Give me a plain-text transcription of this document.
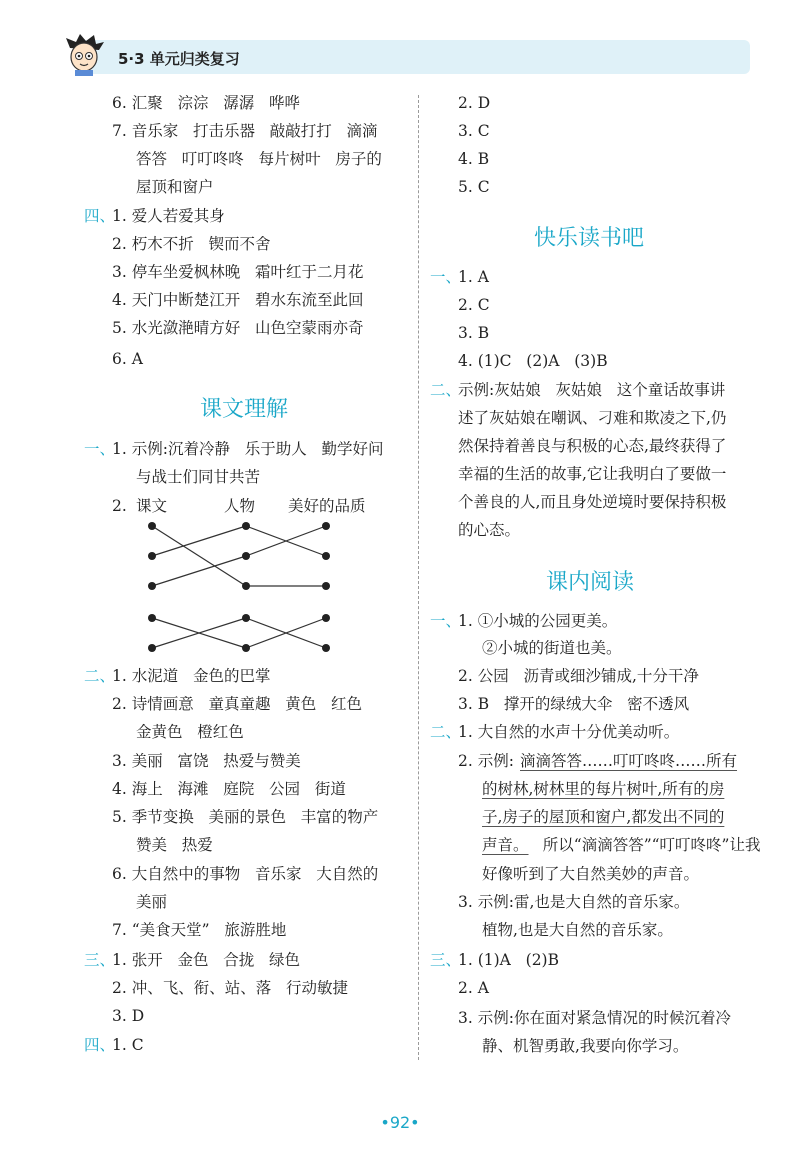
5·3 单元归类复习
6. 汇聚   淙淙   潺潺   哗哗
7. 音乐家   打击乐器   敲敲打打   滴滴
答答   叮叮咚咚   每片树叶   房子的
屋顶和窗户
四、
1. 爱人若爱其身
2. 朽木不折   锲而不舍
3. 停车坐爱枫林晚   霜叶红于二月花
4. 天门中断楚江开   碧水东流至此回
5. 水光潋滟晴方好   山色空蒙雨亦奇
6. A
课文理解
一、
1. 示例:沉着冷静   乐于助人   勤学好问
与战士们同甘共苦
2. 课文	人物 美好的品质
二、
1. 水泥道   金色的巴掌
2. 诗情画意   童真童趣   黄色   红色
金黄色   橙红色
3. 美丽   富饶   热爱与赞美
4. 海上   海滩   庭院   公园   街道
5. 季节变换   美丽的景色   丰富的物产
赞美   热爱
6. 大自然中的事物   音乐家   大自然的
美丽
7. “美食天堂”   旅游胜地
三、
1. 张开   金色   合拢   绿色
2. 冲、飞、衔、站、落   行动敏捷
3. D
四、
1. C
2. D
3. C
4. B
5. C
快乐读书吧
一、
1. A
2. C
3. B
4. (1)C   (2)A   (3)B
二、
示例:灰姑娘   灰姑娘   这个童话故事讲
述了灰姑娘在嘲讽、刁难和欺凌之下,仍
然保持着善良与积极的心态,最终获得了
幸福的生活的故事,它让我明白了要做一
个善良的人,而且身处逆境时要保持积极
的心态。
课内阅读
一、
1. ①小城的公园更美。
②小城的街道也美。
2. 公园   沥青或细沙铺成,十分干净
3. B   撑开的绿绒大伞   密不透风
二、
1. 大自然的水声十分优美动听。
2. 示例: 滴滴答答……叮叮咚咚……所有
的树林,树林里的每片树叶,所有的房
子,房子的屋顶和窗户,都发出不同的
声音。 所以“滴滴答答”“叮叮咚咚”让我
好像听到了大自然美妙的声音。
3. 示例:雷,也是大自然的音乐家。
植物,也是大自然的音乐家。
三、
1. (1)A   (2)B
2. A
3. 示例:你在面对紧急情况的时候沉着冷
静、机智勇敢,我要向你学习。
•92•
